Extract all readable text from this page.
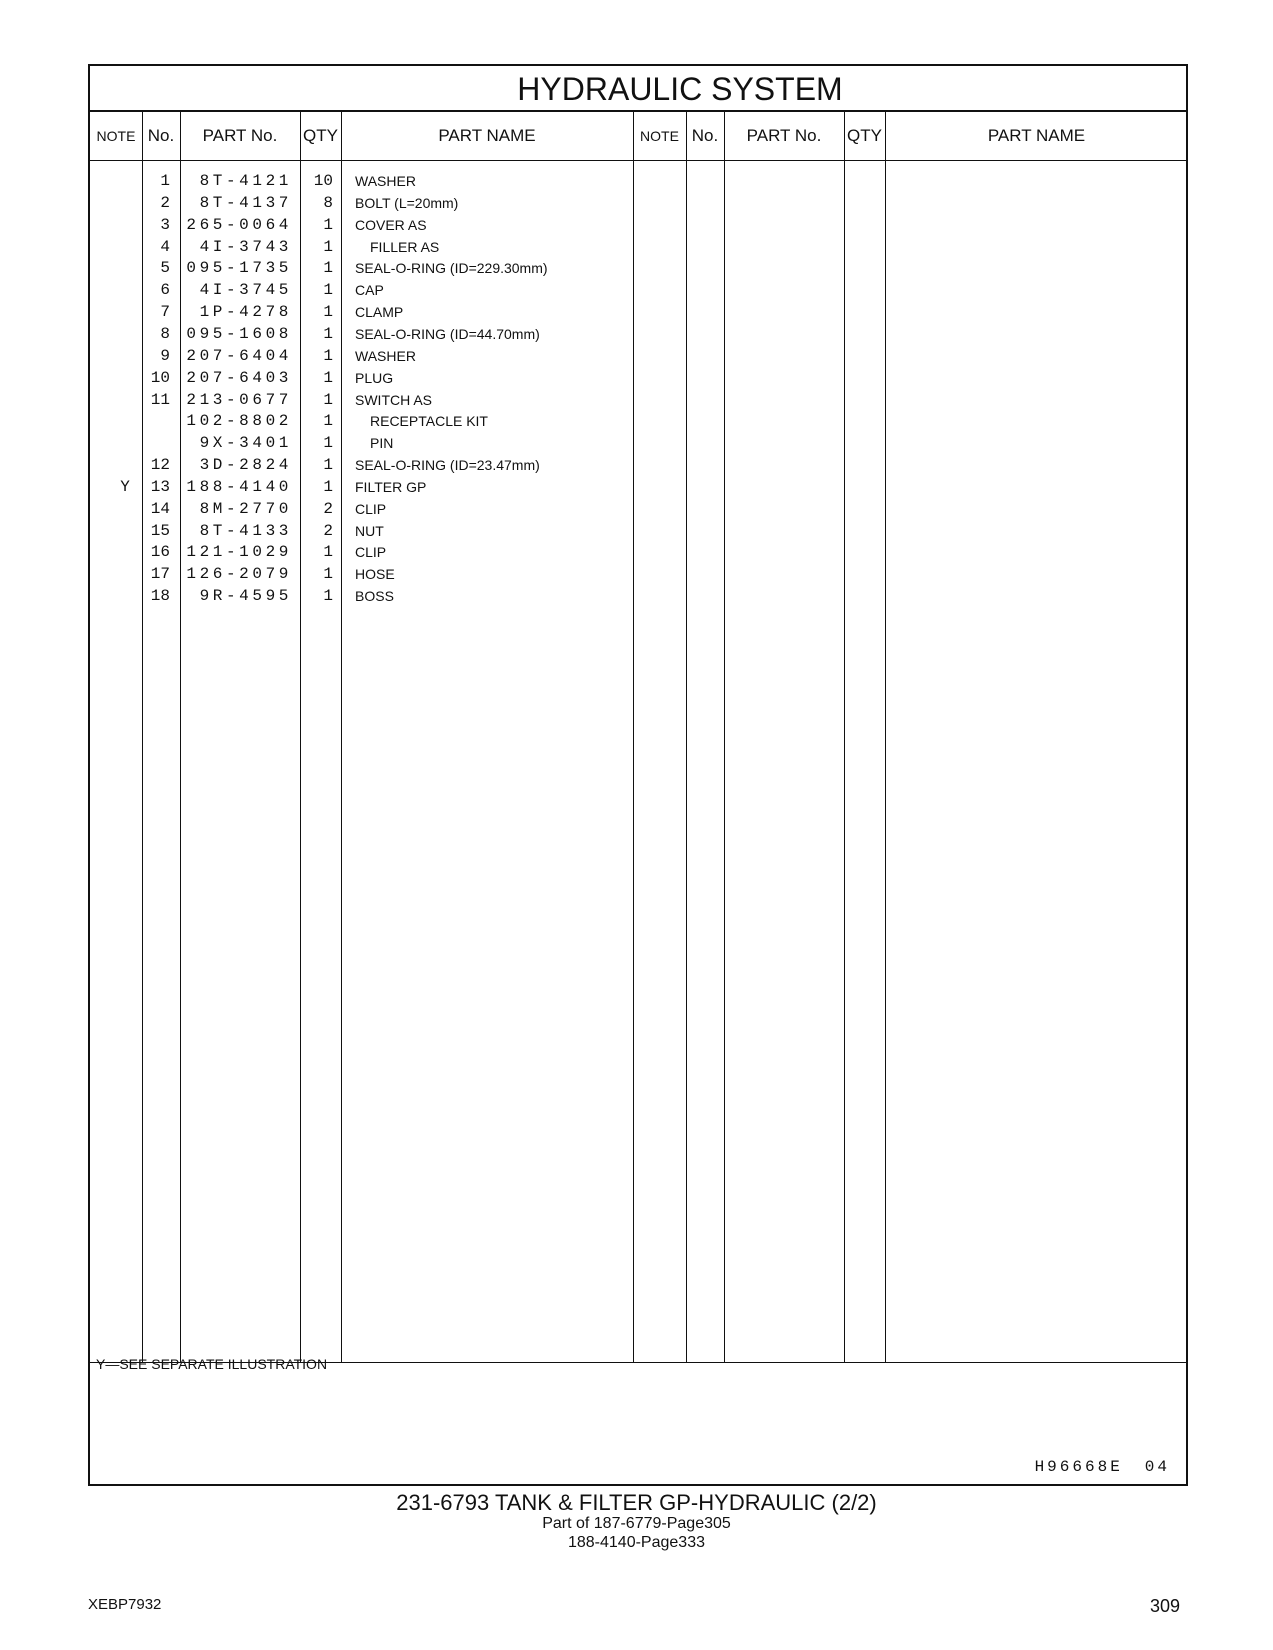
HYDRAULIC SYSTEM
NOTE No.	PART No.	QTY	PART NAME	NOTE No.	PART No.	QTY	PART NAME
1	8T-4121	10 WASHER
2	8T-4137	8 BOLT (L=20mm)
3	265-0064	1 COVER AS
4	4I-3743	1	FILLER AS
5	095-1735	1 SEAL-O-RING (ID=229.30mm)
6	4I-3745	1 CAP
7	1P-4278	1 CLAMP
8	095-1608	1 SEAL-O-RING (ID=44.70mm)
9	207-6404	1 WASHER
10	207-6403	1 PLUG
11	213-0677	1 SWITCH AS
102-8802	1	RECEPTACLE KIT
9X-3401	1	PIN
12	3D-2824	1 SEAL-O-RING (ID=23.47mm)
Y	13	188-4140	1 FILTER GP
14	8M-2770	2 CLIP
15	8T-4133	2 NUT
16	121-1029	1 CLIP
17	126-2079	1 HOSE
18	9R-4595	1 BOSS
Y—SEE SEPARATE ILLUSTRATION
H96668E 04
231-6793 TANK & FILTER GP-HYDRAULIC (2/2)
Part of 187-6779-Page305
188-4140-Page333
XEBP7932	309
